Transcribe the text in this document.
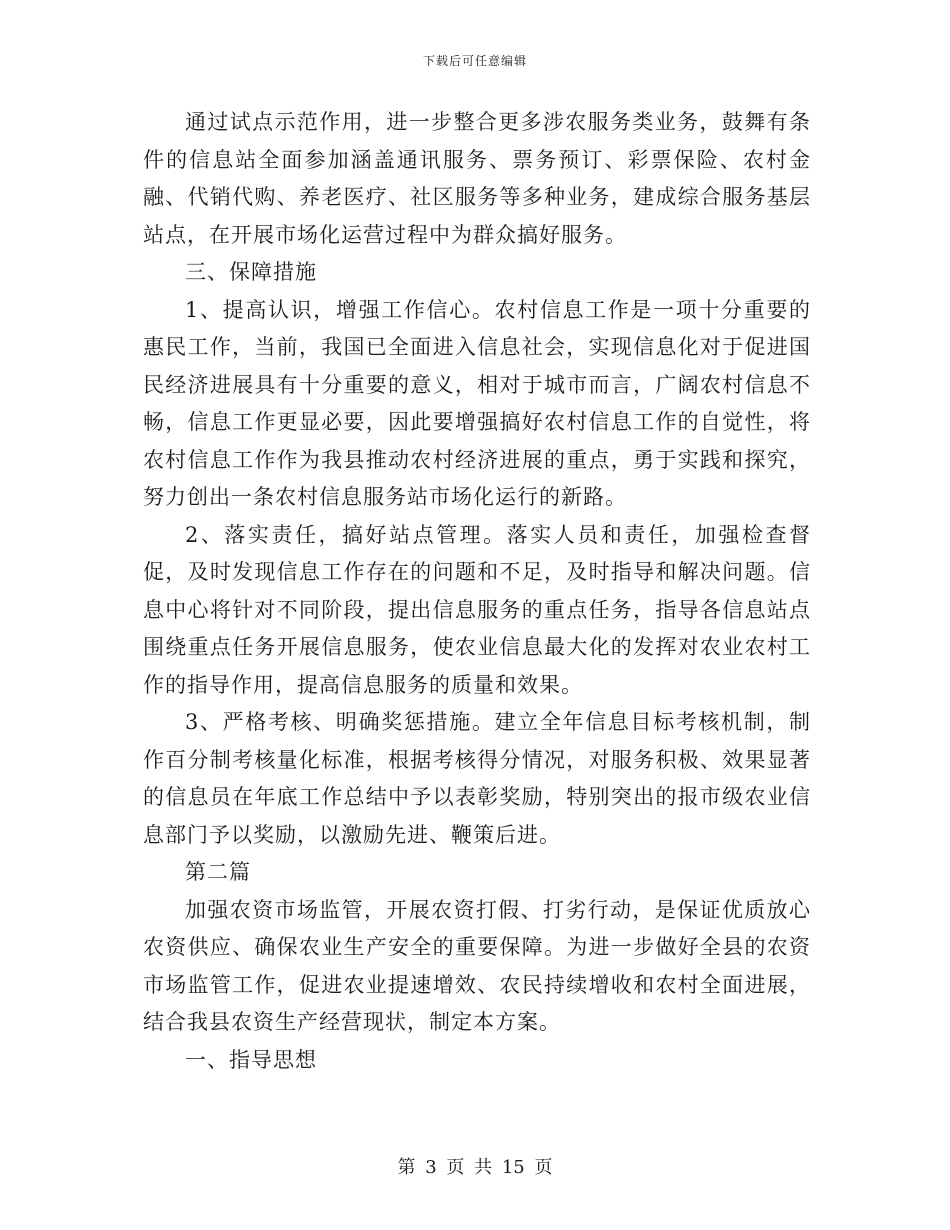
下载后可任意编辑

通过试点示范作用，进一步整合更多涉农服务类业务，鼓舞有条件的信息站全面参加涵盖通讯服务、票务预订、彩票保险、农村金融、代销代购、养老医疗、社区服务等多种业务，建成综合服务基层站点，在开展市场化运营过程中为群众搞好服务。

三、保障措施

1、提高认识，增强工作信心。农村信息工作是一项十分重要的惠民工作，当前，我国已全面进入信息社会，实现信息化对于促进国民经济进展具有十分重要的意义，相对于城市而言，广阔农村信息不畅，信息工作更显必要，因此要增强搞好农村信息工作的自觉性，将农村信息工作作为我县推动农村经济进展的重点，勇于实践和探究，努力创出一条农村信息服务站市场化运行的新路。

2、落实责任，搞好站点管理。落实人员和责任，加强检查督促，及时发现信息工作存在的问题和不足，及时指导和解决问题。信息中心将针对不同阶段，提出信息服务的重点任务，指导各信息站点围绕重点任务开展信息服务，使农业信息最大化的发挥对农业农村工作的指导作用，提高信息服务的质量和效果。

3、严格考核、明确奖惩措施。建立全年信息目标考核机制，制作百分制考核量化标准，根据考核得分情况，对服务积极、效果显著的信息员在年底工作总结中予以表彰奖励，特别突出的报市级农业信息部门予以奖励，以激励先进、鞭策后进。

第二篇

加强农资市场监管，开展农资打假、打劣行动，是保证优质放心农资供应、确保农业生产安全的重要保障。为进一步做好全县的农资市场监管工作，促进农业提速增效、农民持续增收和农村全面进展，结合我县农资生产经营现状，制定本方案。

一、指导思想

第 3 页 共 15 页
